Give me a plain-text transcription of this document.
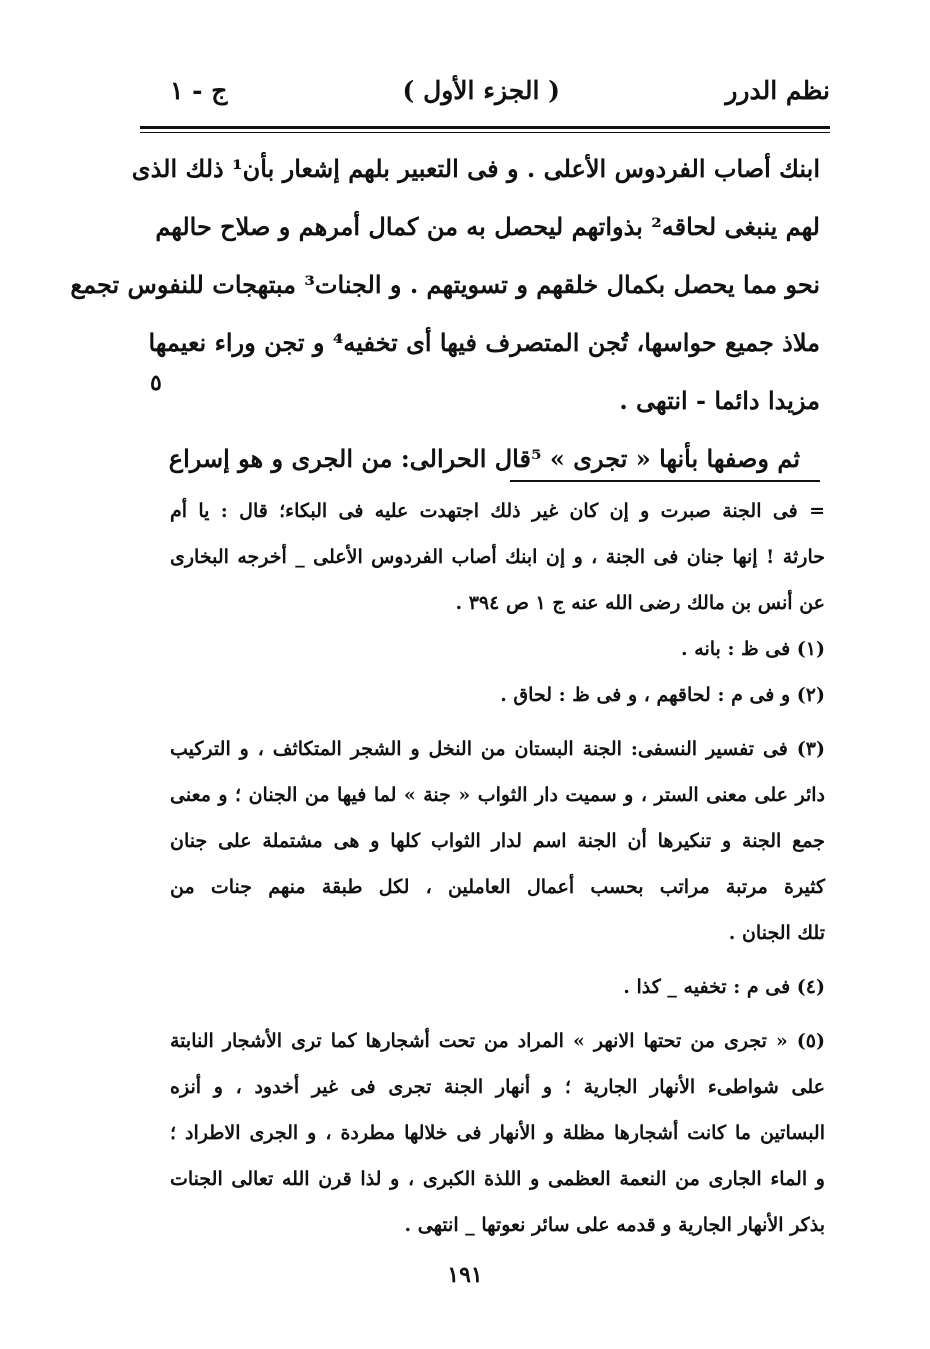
نظم الدرر
( الجزء الأول )
ج - ١
ابنك أصاب الفردوس الأعلى . و فى التعبير بلهم إشعار بأن¹ ذلك الذى
لهم ينبغى لحاقه² بذواتهم ليحصل به من كمال أمرهم و صلاح حالهم
نحو مما يحصل بكمال خلقهم و تسويتهم . و الجنات³ مبتهجات للنفوس تجمع
ملاذ جميع حواسها، تُجن المتصرف فيها أى تخفيه⁴ و تجن وراء نعيمها
مزيدا دائما - انتهى .
ثم وصفها بأنها « تجرى » ⁵قال الحرالى: من الجرى و هو إسراع
٥
= فى الجنة صبرت و إن كان غير ذلك اجتهدت عليه فى البكاء؛ قال : يا أم
حارثة ! إنها جنان فى الجنة ، و إن ابنك أصاب الفردوس الأعلى _ أخرجه البخارى
عن أنس بن مالك رضى الله عنه ج ١ ص ٣٩٤ .
(١) فى ظ : بانه .
(٢) و فى م : لحاقهم ، و فى ظ : لحاق .
(٣) فى تفسير النسفى: الجنة البستان من النخل و الشجر المتكاثف ، و التركيب
دائر على معنى الستر ، و سميت دار الثواب « جنة » لما فيها من الجنان ؛ و معنى
جمع الجنة و تنكيرها أن الجنة اسم لدار الثواب كلها و هى مشتملة على جنان
كثيرة مرتبة مراتب بحسب أعمال العاملين ، لكل طبقة منهم جنات من
تلك الجنان .
(٤) فى م : تخفيه _ كذا .
(٥) « تجرى من تحتها الانهر » المراد من تحت أشجارها كما ترى الأشجار النابتة
على شواطىء الأنهار الجارية ؛ و أنهار الجنة تجرى فى غير أخدود ، و أنزه
البساتين ما كانت أشجارها مظلة و الأنهار فى خلالها مطردة ، و الجرى الاطراد ؛
و الماء الجارى من النعمة العظمى و اللذة الكبرى ، و لذا قرن الله تعالى الجنات
بذكر الأنهار الجارية و قدمه على سائر نعوتها _ انتهى .
١٩١
